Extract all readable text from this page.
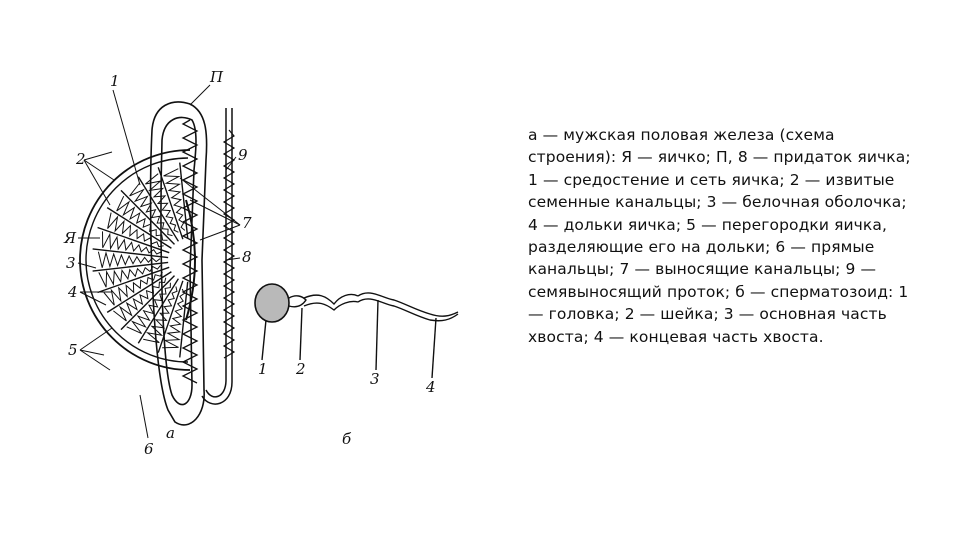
1	П
2	9
7
8
Я
3
4
5
6
а
1 2
3	4
б
а — мужская половая железа (схема строения): Я — яичко; П, 8 — придаток яичка; 1 — средостение и сеть яичка; 2 — извитые семенные канальцы; 3 — белочная оболочка; 4 — дольки яичка; 5 — перегородки яичка, разделяющие его на дольки; 6 — прямые канальцы; 7 — выносящие канальцы; 9 — семявыносящий проток; б — сперматозоид: 1 — головка; 2 — шейка; 3 — основная часть хвоста; 4 — концевая часть хвоста.
